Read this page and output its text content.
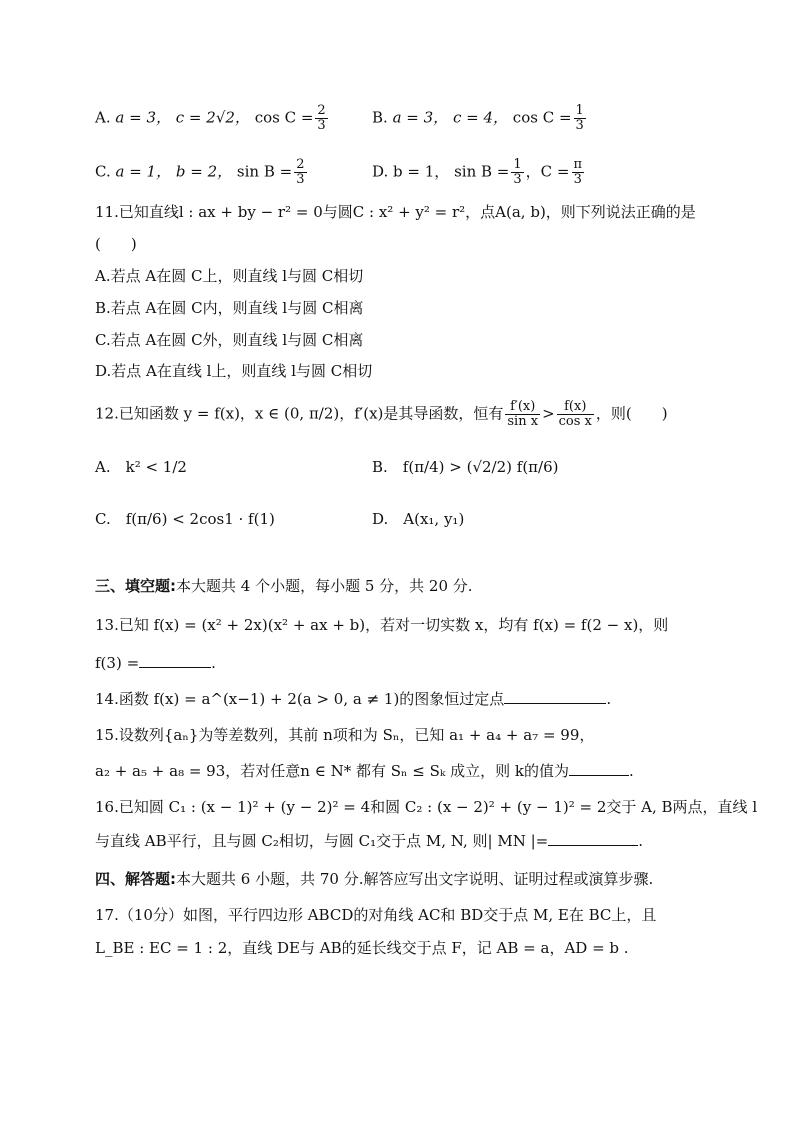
A. a = 3， c = 2√2， $\cos C = \frac{2}{3}$	B. a = 3， c = 4， $\cos C = \frac{1}{3}$
C. a = 1， b = 2， $\sin B = \frac{2}{3}$	D. b = 1， $\sin B = \frac{1}{3}$ ，$C = \frac{\pi}{3}$
11.已知直线l : ax + by − r² = 0与圆C : x² + y² = r²，点A(a, b)，则下列说法正确的是
(　　)
A.若点 A在圆 C上，则直线 l与圆 C相切
B.若点 A在圆 C内，则直线 l与圆 C相离
C.若点 A在圆 C外，则直线 l与圆 C相离
D.若点 A在直线 l上，则直线 l与圆 C相切
12.已知函数 y = f(x)，x ∈ (0, π/2)，f′(x)是其导函数，恒有 $\frac{f'(x)}{\text{sin x}} > \frac{f(x)}{\text{cos x}}$ ，则(　　)
A.　k² < 1/2	B.　f(π/4) > (√2/2) f(π/6)
C.　f(π/6) < 2cos1 · f(1)	D.　A(x₁, y₁)
三、填空题:本大题共 4 个小题，每小题 5 分，共 20 分.
13.已知 f(x) = (x² + 2x)(x² + ax + b)，若对一切实数 x，均有 f(x) = f(2 − x)，则
f(3) =	.
14.函数 f(x) = a^(x−1) + 2(a > 0, a ≠ 1)的图象恒过定点	.
15.设数列{aₙ}为等差数列，其前 n项和为 Sₙ，已知 a₁ + a₄ + a₇ = 99，
a₂ + a₅ + a₈ = 93，若对任意n ∈ N* 都有 Sₙ ≤ Sₖ 成立，则 k的值为	.
16.已知圆 C₁ : (x − 1)² + (y − 2)² = 4和圆 C₂ : (x − 2)² + (y − 1)² = 2交于 A, B两点，直线 l
与直线 AB平行，且与圆 C₂相切，与圆 C₁交于点 M, N, 则| MN |=	.
四、解答题:本大题共 6 小题，共 70 分.解答应写出文字说明、证明过程或演算步骤.
17.（10分）如图，平行四边形 ABCD的对角线 AC和 BD交于点 M, E在 BC上，且
L_BE : EC = 1 : 2，直线 DE与 AB的延长线交于点 F，记 AB = a，AD = b .
